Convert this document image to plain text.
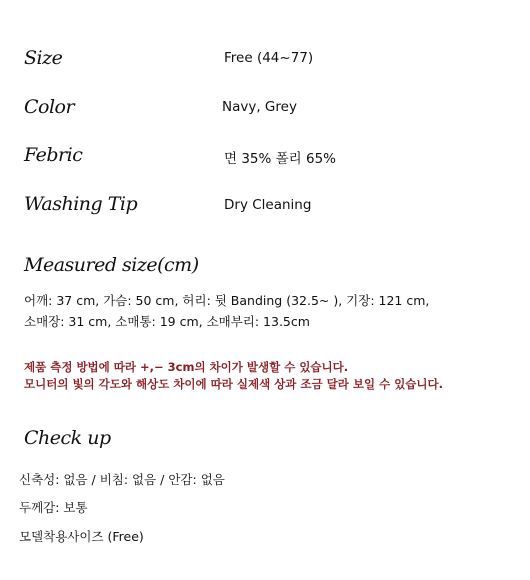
Size	Free (44~77)
Color	Navy, Grey
Febric	면 35% 폴리 65%
Washing Tip	Dry Cleaning
Measured size(cm)
어깨: 37 cm, 가슴: 50 cm, 허리: 뒷 Banding (32.5~ ), 기장: 121 cm,
소매장: 31 cm, 소매통: 19 cm, 소매부리: 13.5cm
제품 측정 방법에 따라 +,− 3cm의 차이가 발생할 수 있습니다.
모니터의 빛의 각도와 해상도 차이에 따라 실제색 상과 조금 달라 보일 수 있습니다.
Check up
신축성: 없음 / 비침: 없음 / 안감: 없음
두께감: 보통
모델착용사이즈 (Free)
